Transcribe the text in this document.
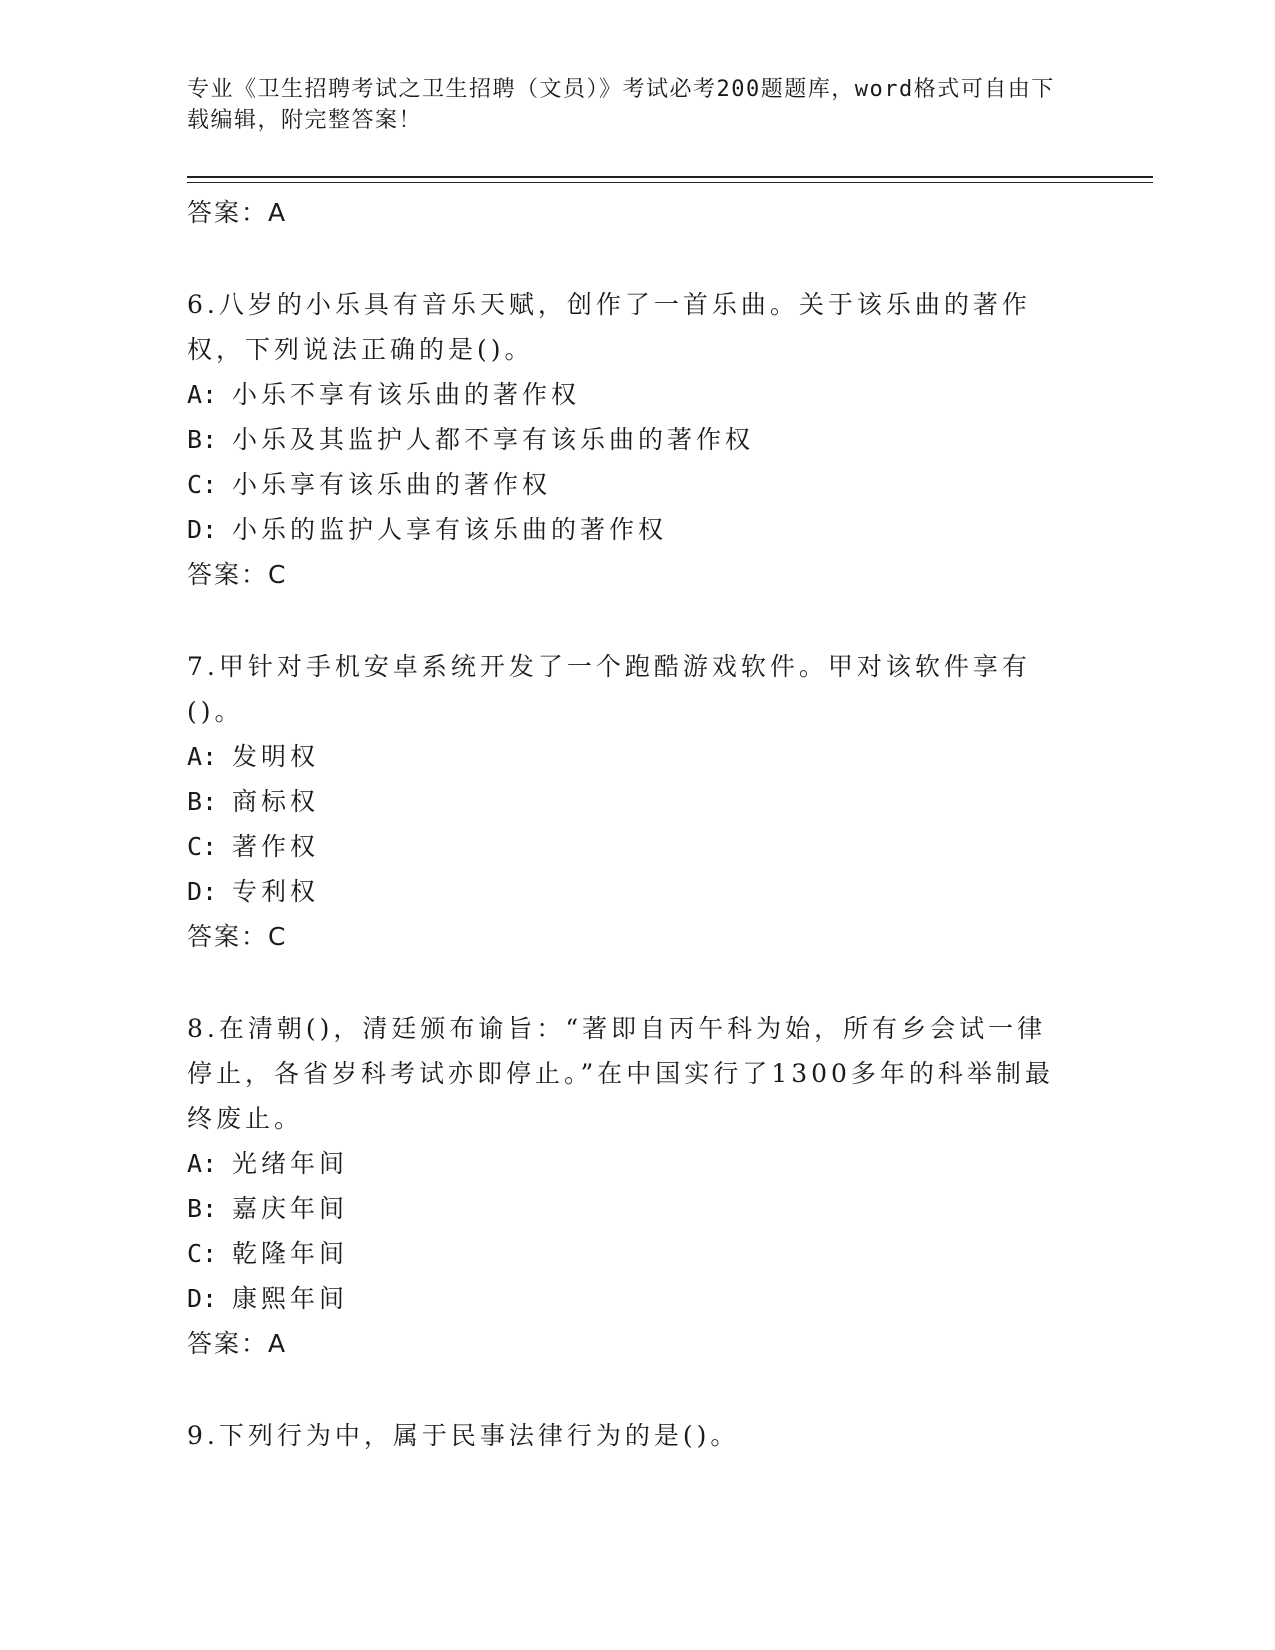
专业《卫生招聘考试之卫生招聘（文员）》考试必考200题题库，word格式可自由下载编辑，附完整答案！
答案：A

6.八岁的小乐具有音乐天赋，创作了一首乐曲。关于该乐曲的著作权，下列说法正确的是()。

A: 小乐不享有该乐曲的著作权
B: 小乐及其监护人都不享有该乐曲的著作权
C: 小乐享有该乐曲的著作权
D: 小乐的监护人享有该乐曲的著作权
答案：C

7.甲针对手机安卓系统开发了一个跑酷游戏软件。甲对该软件享有()。

A: 发明权
B: 商标权
C: 著作权
D: 专利权
答案：C

8.在清朝()，清廷颁布谕旨：“著即自丙午科为始，所有乡会试一律停止，各省岁科考试亦即停止。”在中国实行了1300多年的科举制最终废止。

A: 光绪年间
B: 嘉庆年间
C: 乾隆年间
D: 康熙年间
答案：A

9.下列行为中，属于民事法律行为的是()。
